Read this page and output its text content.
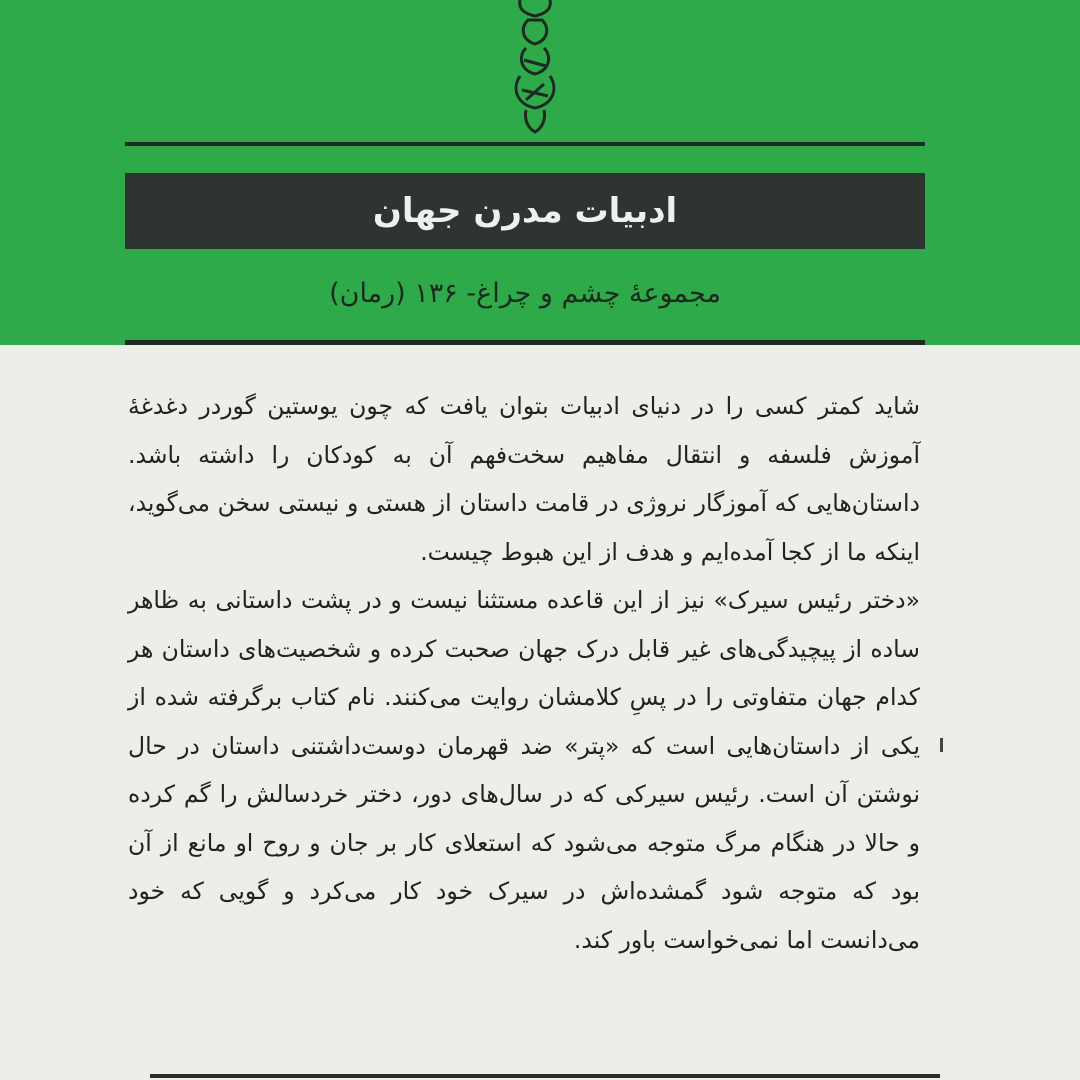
ادبیات مدرن جهان
مجموعهٔ چشم و چراغ- ۱۳۶ (رمان)

شاید کمتر کسی را در دنیای ادبیات بتوان یافت که چون یوستین گوردر دغدغهٔ آموزش فلسفه و انتقال مفاهیم سخت‌فهم آن به کودکان را داشته باشد. داستان‌هایی که آموزگار نروژی در قامت داستان از هستی و نیستی سخن می‌گوید، اینکه ما از کجا آمده‌ایم و هدف از این هبوط چیست.

«دختر رئیس سیرک» نیز از این قاعده مستثنا نیست و در پشت داستانی به ظاهر ساده از پیچیدگی‌های غیر قابل درک جهان صحبت کرده و شخصیت‌های داستان هر کدام جهان متفاوتی را در پسِ کلامشان روایت می‌کنند. نام کتاب برگرفته شده از یکی از داستان‌هایی است که «پتر» ضد قهرمان دوست‌داشتنی داستان در حال نوشتن آن است. رئیس سیرکی که در سال‌های دور، دختر خردسالش را گم کرده و حالا در هنگام مرگ متوجه می‌شود که استعلای کار بر جان و روح او مانع از آن بود که متوجه شود گمشده‌اش در سیرک خود کار می‌کرد و گویی که خود می‌دانست اما نمی‌خواست باور کند.
